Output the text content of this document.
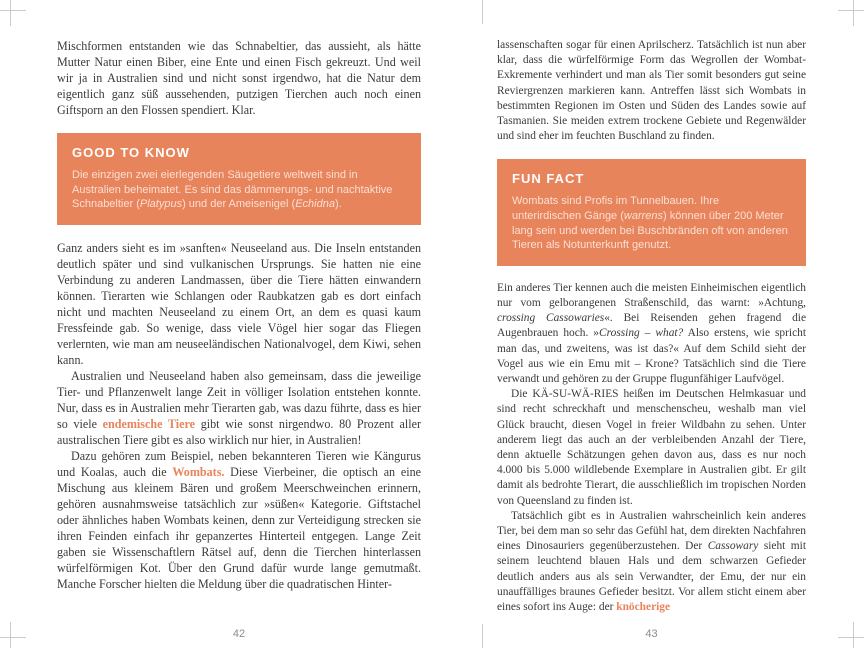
Mischformen entstanden wie das Schnabeltier, das aussieht, als hätte Mutter Natur einen Biber, eine Ente und einen Fisch gekreuzt. Und weil wir ja in Australien sind und nicht sonst irgendwo, hat die Natur dem eigentlich ganz süß aussehenden, putzigen Tierchen auch noch einen Giftsporn an den Flossen spendiert. Klar.

GOOD TO KNOW

Die einzigen zwei eierlegenden Säugetiere weltweit sind in Australien beheimatet. Es sind das dämmerungs- und nachtaktive Schnabeltier (Platypus) und der Ameisenigel (Echidna).

Ganz anders sieht es im »sanften« Neuseeland aus. Die Inseln entstanden deutlich später und sind vulkanischen Ursprungs. Sie hatten nie eine Verbindung zu anderen Landmassen, über die Tiere hätten einwandern können. Tierarten wie Schlangen oder Raubkatzen gab es dort einfach nicht und machten Neuseeland zu einem Ort, an dem es quasi kaum Fressfeinde gab. So wenige, dass viele Vögel hier sogar das Fliegen verlernten, wie man am neuseeländischen Nationalvogel, dem Kiwi, sehen kann.

Australien und Neuseeland haben also gemeinsam, dass die jeweilige Tier- und Pflanzenwelt lange Zeit in völliger Isolation entstehen konnte. Nur, dass es in Australien mehr Tierarten gab, was dazu führte, dass es hier so viele endemische Tiere gibt wie sonst nirgendwo. 80 Prozent aller australischen Tiere gibt es also wirklich nur hier, in Australien!

Dazu gehören zum Beispiel, neben bekannteren Tieren wie Kängurus und Koalas, auch die Wombats. Diese Vierbeiner, die optisch an eine Mischung aus kleinem Bären und großem Meerschweinchen erinnern, gehören ausnahmsweise tatsächlich zur »süßen« Kategorie. Giftstachel oder ähnliches haben Wombats keinen, denn zur Verteidigung strecken sie ihren Feinden einfach ihr gepanzertes Hinterteil entgegen. Lange Zeit gaben sie Wissenschaftlern Rätsel auf, denn die Tierchen hinterlassen würfelförmigen Kot. Über den Grund dafür wurde lange gemutmaßt. Manche Forscher hielten die Meldung über die quadratischen Hinter-

lassenschaften sogar für einen Aprilscherz. Tatsächlich ist nun aber klar, dass die würfelförmige Form das Wegrollen der Wombat-Exkremente verhindert und man als Tier somit besonders gut seine Reviergrenzen markieren kann. Antreffen lässt sich Wombats in bestimmten Regionen im Osten und Süden des Landes sowie auf Tasmanien. Sie meiden extrem trockene Gebiete und Regenwälder und sind eher im feuchten Buschland zu finden.

FUN FACT

Wombats sind Profis im Tunnelbauen. Ihre unterirdischen Gänge (warrens) können über 200 Meter lang sein und werden bei Buschbränden oft von anderen Tieren als Notunterkunft genutzt.

Ein anderes Tier kennen auch die meisten Einheimischen eigentlich nur vom gelborangenen Straßenschild, das warnt: »Achtung, crossing Cassowaries«. Bei Reisenden gehen fragend die Augenbrauen hoch. »Crossing – what? Also erstens, wie spricht man das, und zweitens, was ist das?« Auf dem Schild sieht der Vogel aus wie ein Emu mit – Krone? Tatsächlich sind die Tiere verwandt und gehören zu der Gruppe flugunfähiger Laufvögel.

Die KÄ-SU-WÄ-RIES heißen im Deutschen Helmkasuar und sind recht schreckhaft und menschenscheu, weshalb man viel Glück braucht, diesen Vogel in freier Wildbahn zu sehen. Unter anderem liegt das auch an der verbleibenden Anzahl der Tiere, denn aktuelle Schätzungen gehen davon aus, dass es nur noch 4.000 bis 5.000 wildlebende Exemplare in Australien gibt. Er gilt damit als bedrohte Tierart, die ausschließlich im tropischen Norden von Queensland zu finden ist.

Tatsächlich gibt es in Australien wahrscheinlich kein anderes Tier, bei dem man so sehr das Gefühl hat, dem direkten Nachfahren eines Dinosauriers gegenüberzustehen. Der Cassowary sieht mit seinem leuchtend blauen Hals und dem schwarzen Gefieder deutlich anders aus als sein Verwandter, der Emu, der nur ein unauffälliges braunes Gefieder besitzt. Vor allem sticht einem aber eines sofort ins Auge: der knöcherige

42	43
